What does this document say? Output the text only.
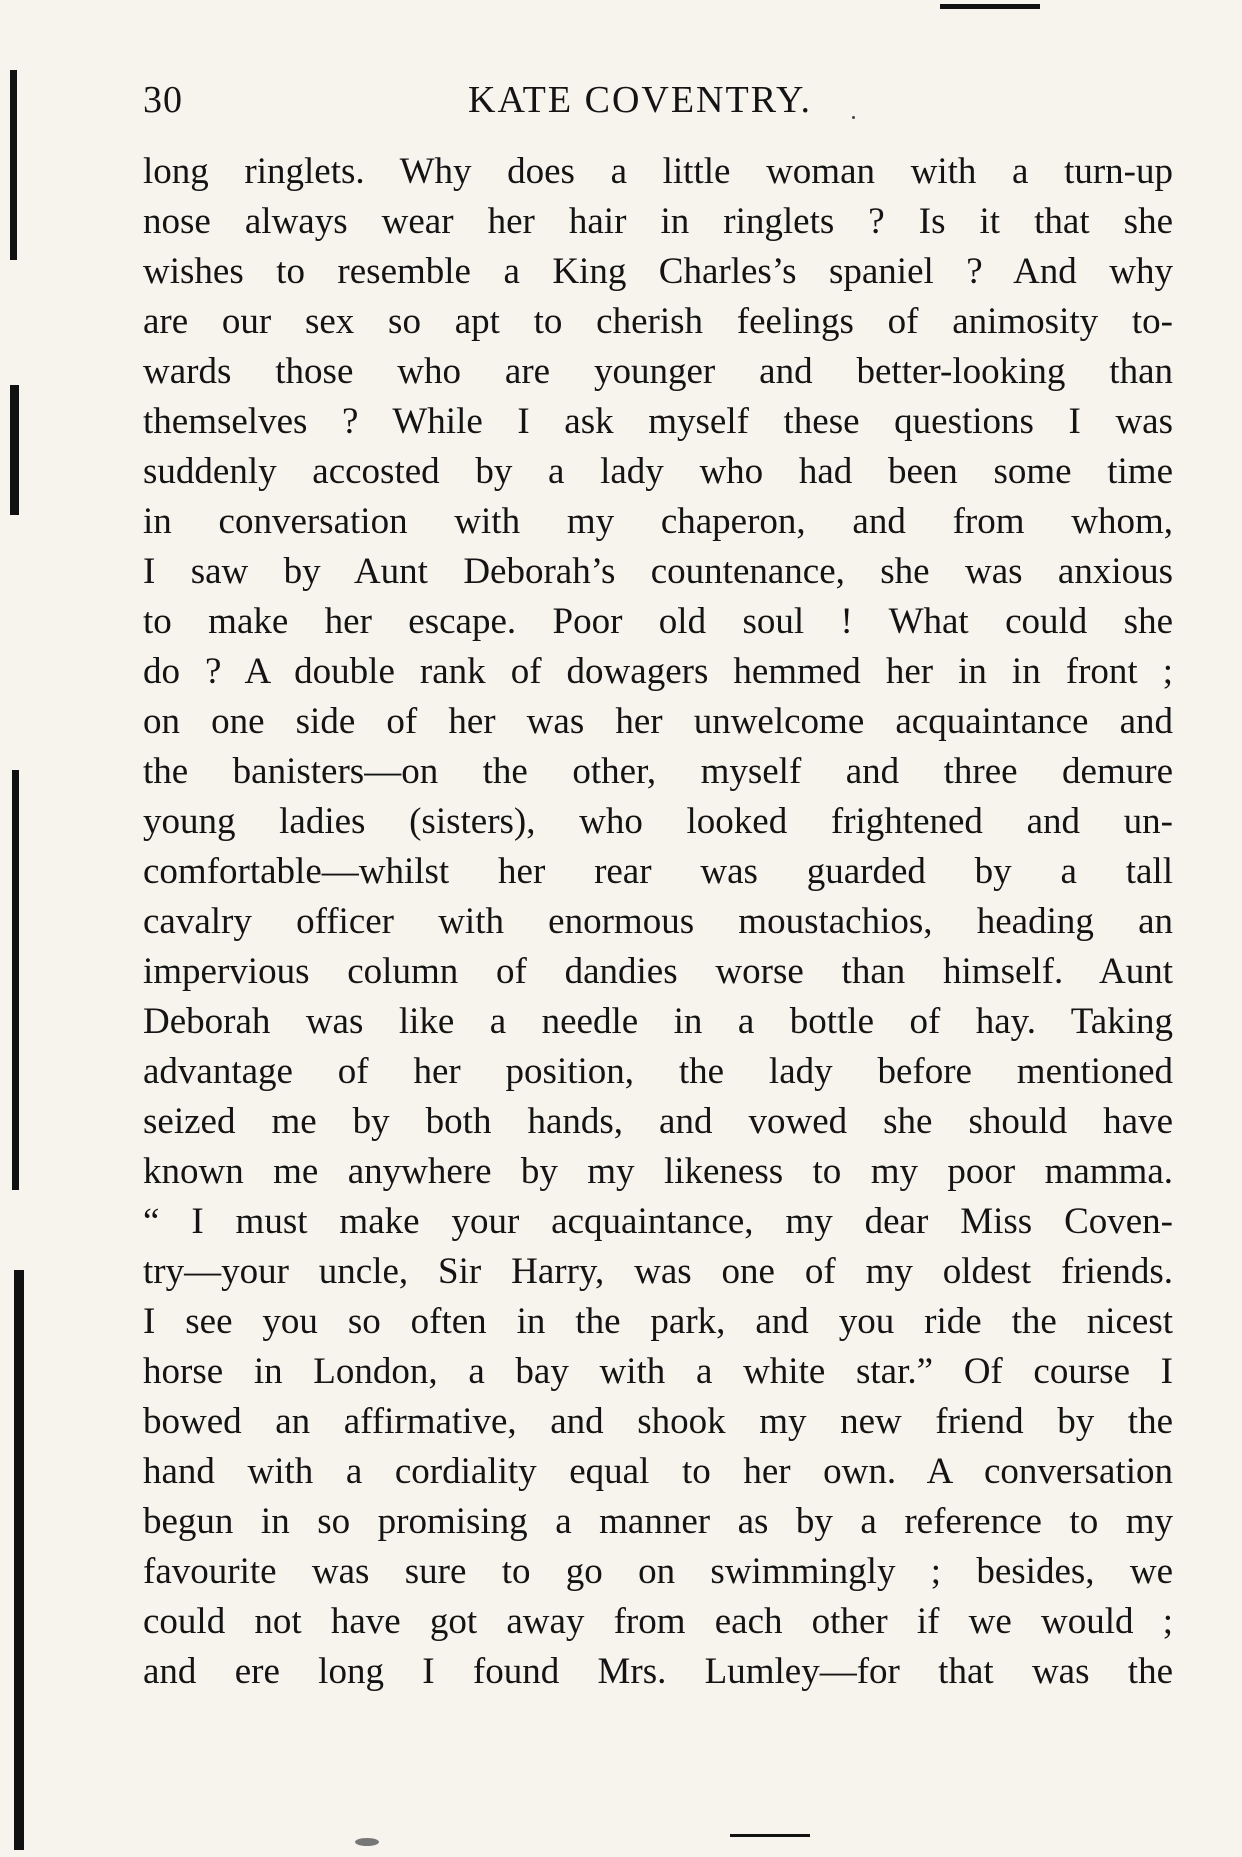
30	KATE COVENTRY.
long ringlets. Why does a little woman with a turn-up
nose always wear her hair in ringlets ? Is it that she
wishes to resemble a King Charles’s spaniel ? And why
are our sex so apt to cherish feelings of animosity to-
wards those who are younger and better-looking than
themselves ? While I ask myself these questions I was
suddenly accosted by a lady who had been some time
in conversation with my chaperon, and from whom,
I saw by Aunt Deborah’s countenance, she was anxious
to make her escape. Poor old soul ! What could she
do ? A double rank of dowagers hemmed her in in front ;
on one side of her was her unwelcome acquaintance and
the banisters—on the other, myself and three demure
young ladies (sisters), who looked frightened and un-
comfortable—whilst her rear was guarded by a tall
cavalry officer with enormous moustachios, heading an
impervious column of dandies worse than himself. Aunt
Deborah was like a needle in a bottle of hay. Taking
advantage of her position, the lady before mentioned
seized me by both hands, and vowed she should have
known me anywhere by my likeness to my poor mamma.
“ I must make your acquaintance, my dear Miss Coven-
try—your uncle, Sir Harry, was one of my oldest friends.
I see you so often in the park, and you ride the nicest
horse in London, a bay with a white star.” Of course I
bowed an affirmative, and shook my new friend by the
hand with a cordiality equal to her own. A conversation
begun in so promising a manner as by a reference to my
favourite was sure to go on swimmingly ; besides, we
could not have got away from each other if we would ;
and ere long I found Mrs. Lumley—for that was the
